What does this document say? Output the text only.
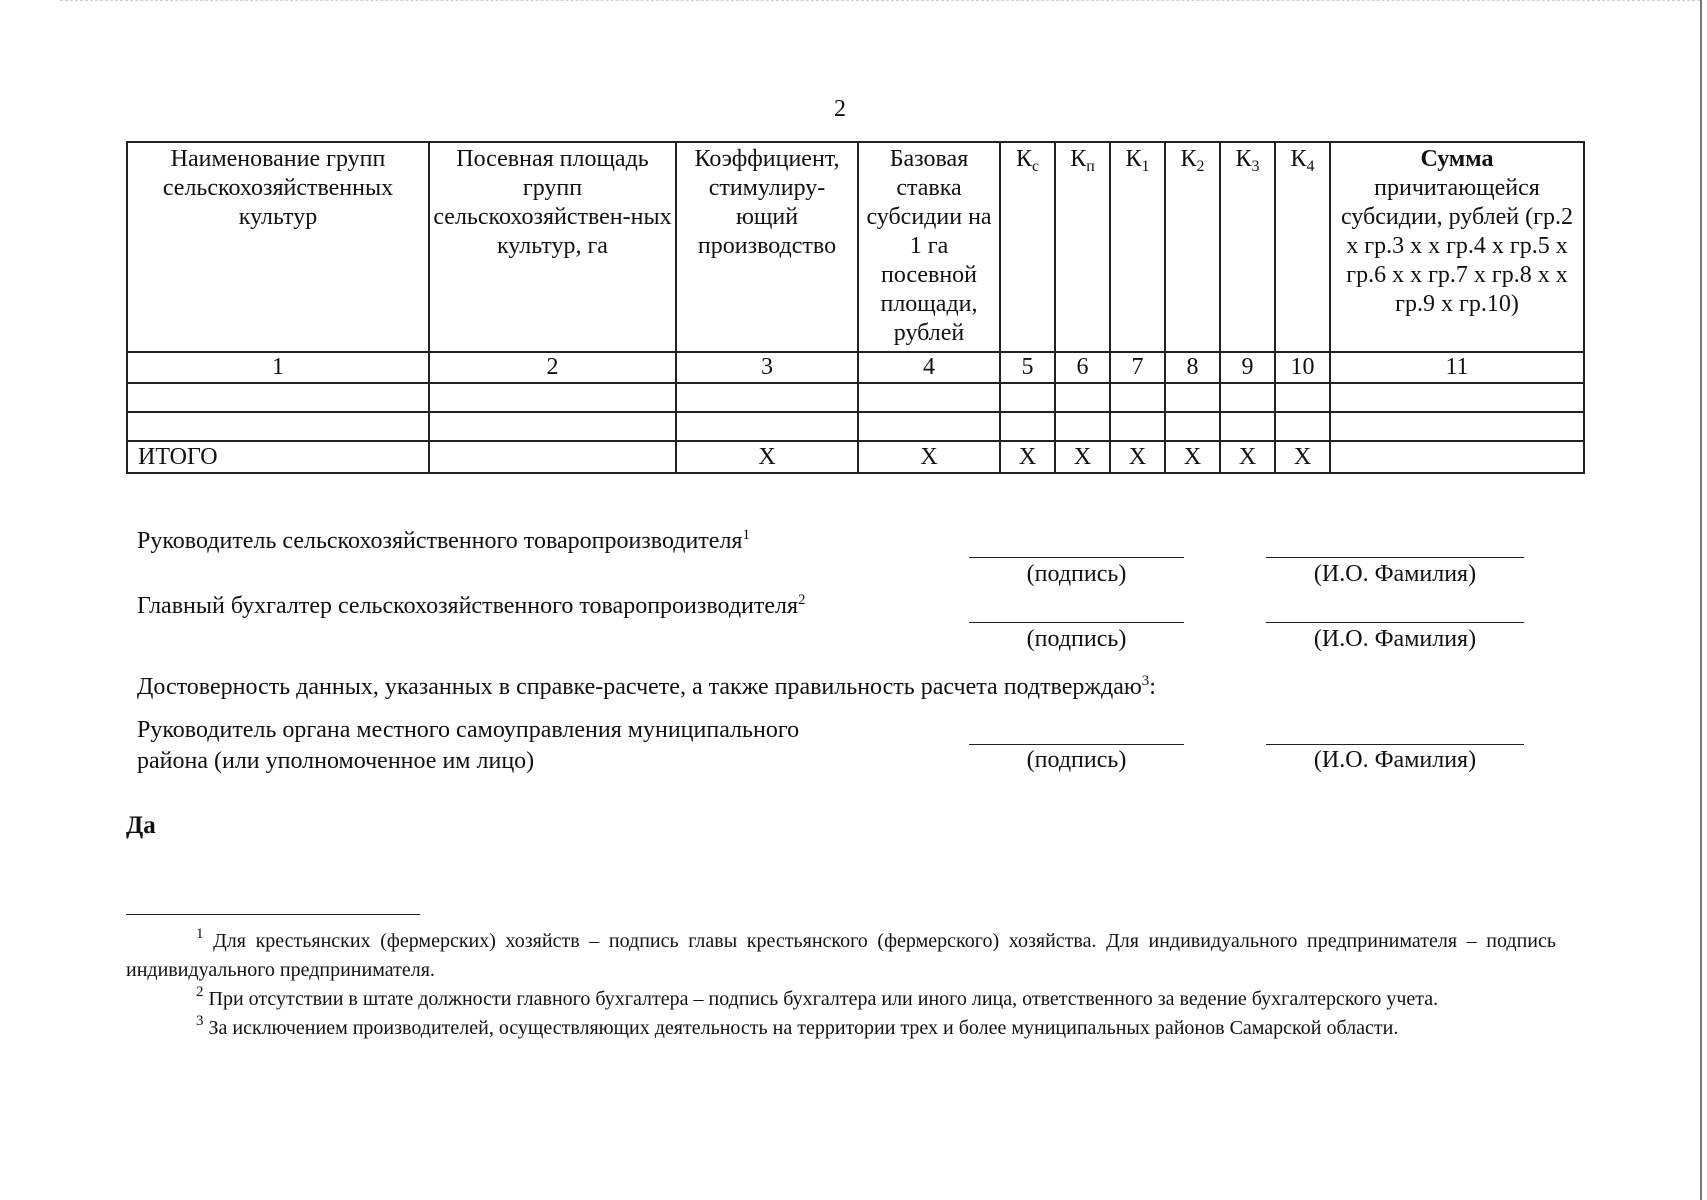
2
Наименование групп сельскохозяйственных культур	Посевная площадь групп сельскохозяйствен-ных культур, га	Коэффициент, стимулиру-ющий производство	Базовая ставка субсидии на 1 га посевной площади, рублей	$К_с$	$К_п$	$К_1$	$К_2$	$К_3$	$К_4$	Сумма
причитающейся субсидии, рублей (гр.2 х гр.3 х х гр.4 х гр.5 х гр.6 х х гр.7 х гр.8 х х гр.9 х гр.10)

1	2	3	4	5	6	7	8	9	10	11

ИТОГО		Х	Х	Х	Х	Х	Х	Х	Х	
Руководитель сельскохозяйственного товаропроизводителя$^1$
(подпись)	(И.О. Фамилия)
Главный бухгалтер сельскохозяйственного товаропроизводителя$^2$
(подпись)	(И.О. Фамилия)
Достоверность данных, указанных в справке-расчете, а также правильность расчета подтверждаю$^3$:
Руководитель органа местного самоуправления муниципального
района (или уполномоченное им лицо)	(подпись)	(И.О. Фамилия)
Да

$^1$ Для крестьянских (фермерских) хозяйств – подпись главы крестьянского (фермерского) хозяйства. Для индивидуального предпринимателя – подпись индивидуального предпринимателя.

$^2$ При отсутствии в штате должности главного бухгалтера – подпись бухгалтера или иного лица, ответственного за ведение бухгалтерского учета.

$^3$ За исключением производителей, осуществляющих деятельность на территории трех и более муниципальных районов Самарской области.
